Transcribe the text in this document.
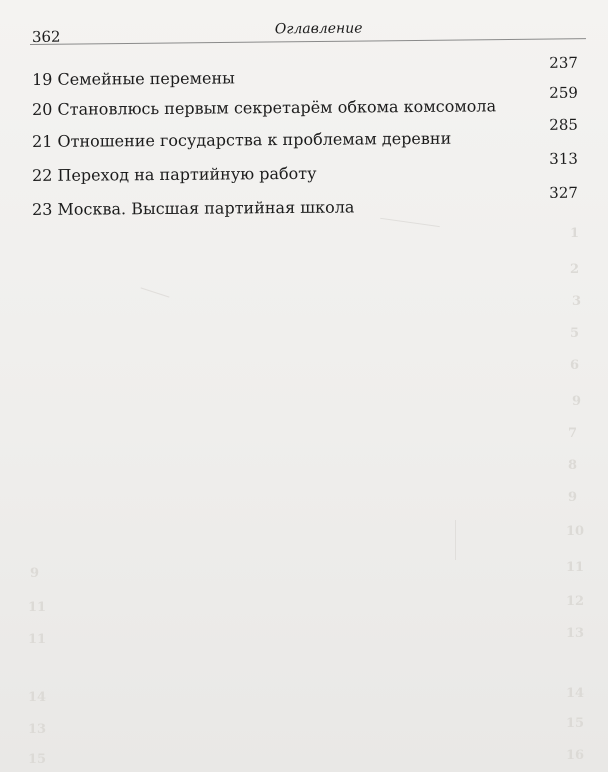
1
2
3
5
6
9
7
8
9
10
11
12
13
14
15
16
9
11
11
14
13
15
362	Оглавление
19 Семейные перемены
237
20 Становлюсь первым секретарём обкома комсомола
259
21 Отношение государства к проблемам деревни
285
22 Переход на партийную работу
313
23 Москва. Высшая партийная школа
327
